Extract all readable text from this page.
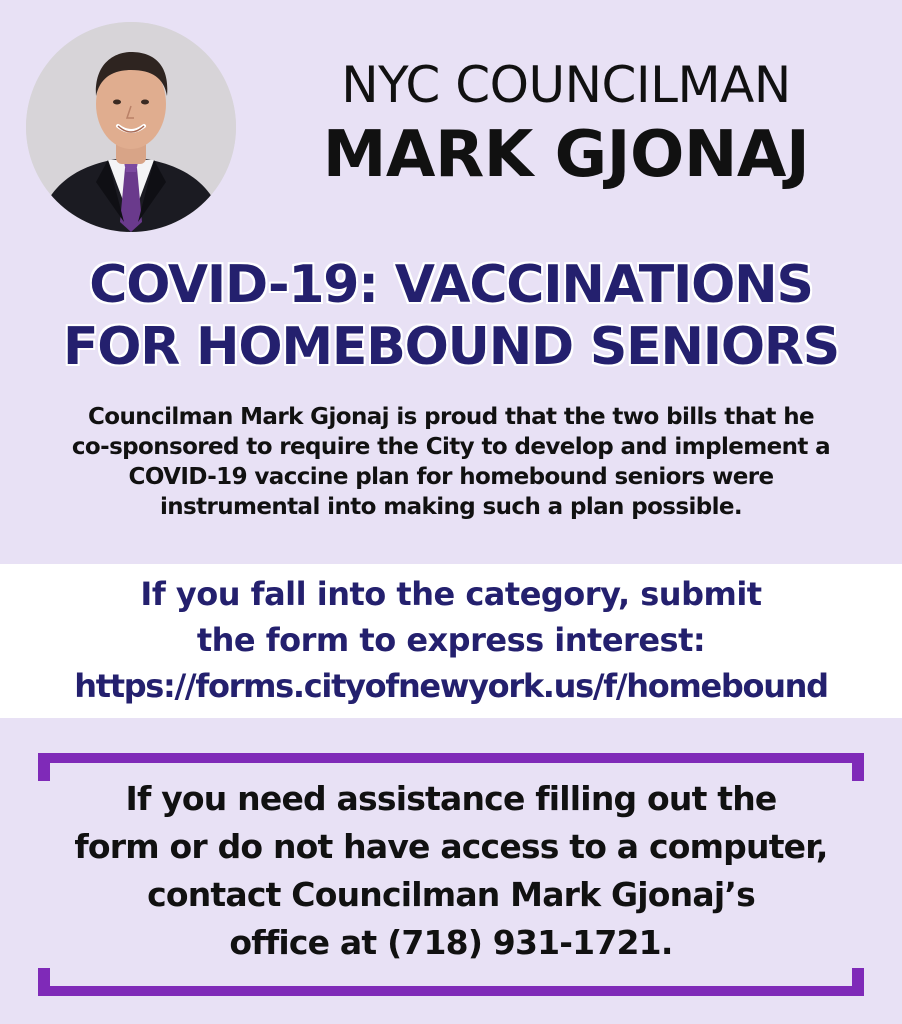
NYC COUNCILMAN
MARK GJONAJ
COVID-19: VACCINATIONS
FOR HOMEBOUND SENIORS
Councilman Mark Gjonaj is proud that the two bills that he
co-sponsored to require the City to develop and implement a
COVID-19 vaccine plan for homebound seniors were
instrumental into making such a plan possible.
If you fall into the category, submit
the form to express interest:
https://forms.cityofnewyork.us/f/homebound
If you need assistance filling out the
form or do not have access to a computer,
contact Councilman Mark Gjonaj’s
office at (718) 931-1721.
